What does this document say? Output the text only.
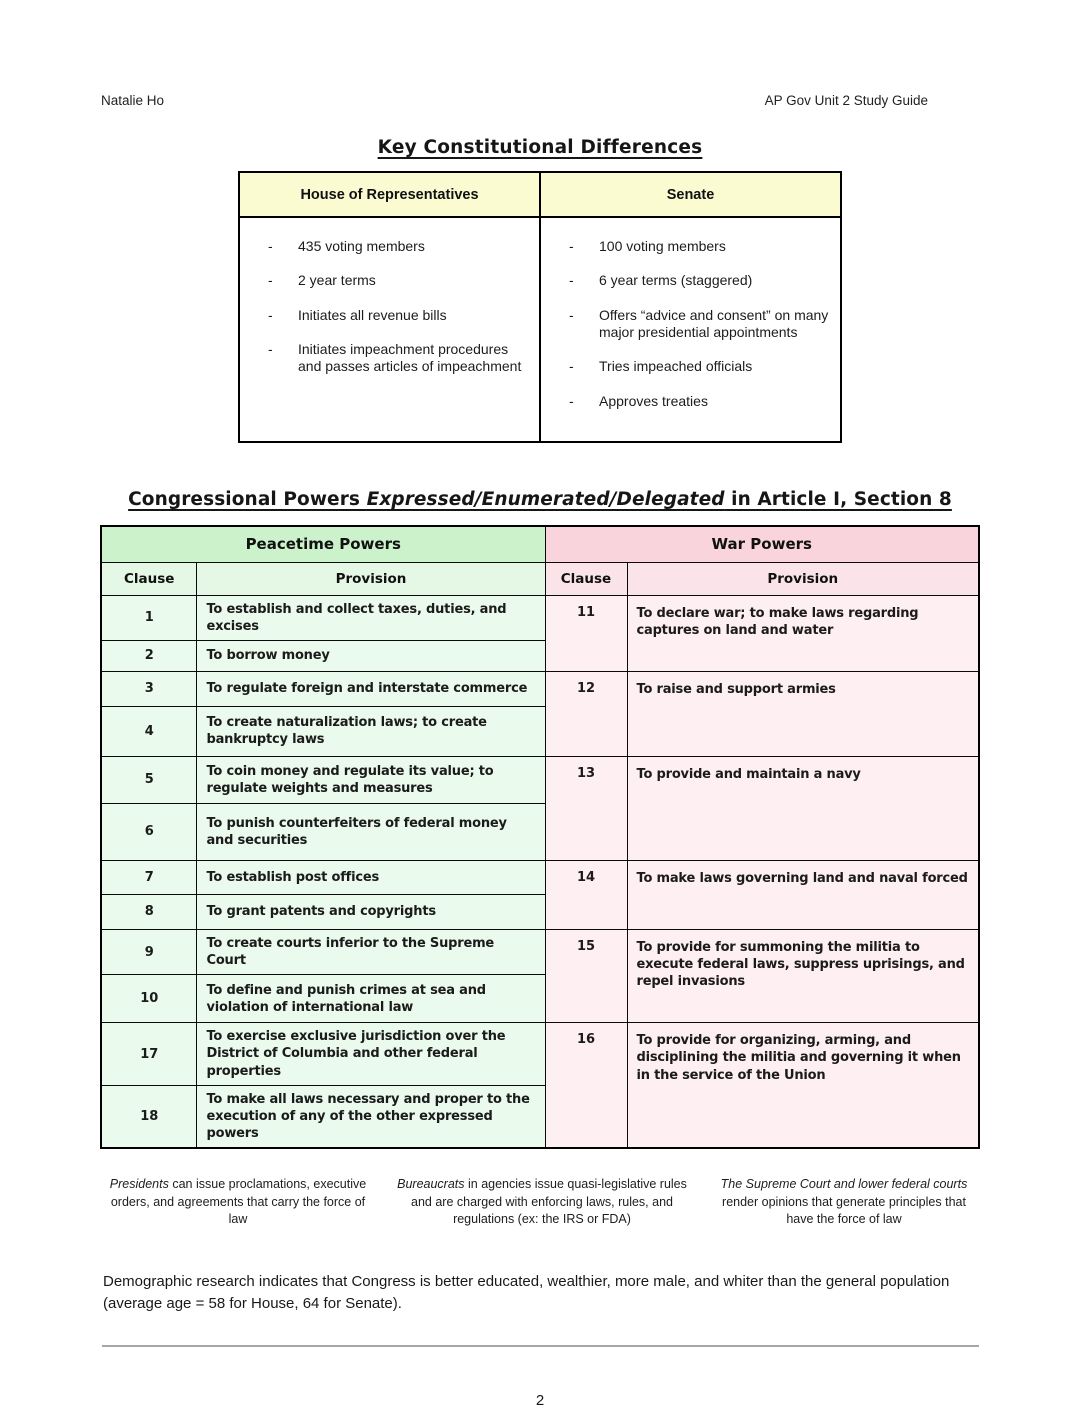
Natalie Ho	AP Gov Unit 2 Study Guide
Key Constitutional Differences
House of Representatives	Senate

-	435 voting members
-	2 year terms
-	Initiates all revenue bills
-	Initiates impeachment procedures and passes articles of impeachment

-	100 voting members
-	6 year terms (staggered)
-	Offers “advice and consent” on many major presidential appointments
-	Tries impeached officials
-	Approves treaties
Congressional Powers Expressed/Enumerated/Delegated in Article I, Section 8
Peacetime Powers		War Powers	
Clause	Provision	Clause	Provision
1	To establish and collect taxes, duties, and excises	11	To declare war; to make laws regarding captures on land and water
2	To borrow money		
3	To regulate foreign and interstate commerce	12	To raise and support armies
4	To create naturalization laws; to create bankruptcy laws		
5	To coin money and regulate its value; to regulate weights and measures	13	To provide and maintain a navy
6	To punish counterfeiters of federal money and securities		
7	To establish post offices	14	To make laws governing land and naval forced
8	To grant patents and copyrights		
9	To create courts inferior to the Supreme Court	15	To provide for summoning the militia to execute federal laws, suppress uprisings, and repel invasions
10	To define and punish crimes at sea and violation of international law		
17	To exercise exclusive jurisdiction over the District of Columbia and other federal properties	16	To provide for organizing, arming, and disciplining the militia and governing it when in the service of the Union
18	To make all laws necessary and proper to the execution of any of the other expressed powers		
Presidents can issue proclamations, executive orders, and agreements that carry the force of law
Bureaucrats in agencies issue quasi-legislative rules and are charged with enforcing laws, rules, and regulations (ex: the IRS or FDA)
The Supreme Court and lower federal courts render opinions that generate principles that have the force of law
Demographic research indicates that Congress is better educated, wealthier, more male, and whiter than the general population (average age = 58 for House, 64 for Senate).
2
